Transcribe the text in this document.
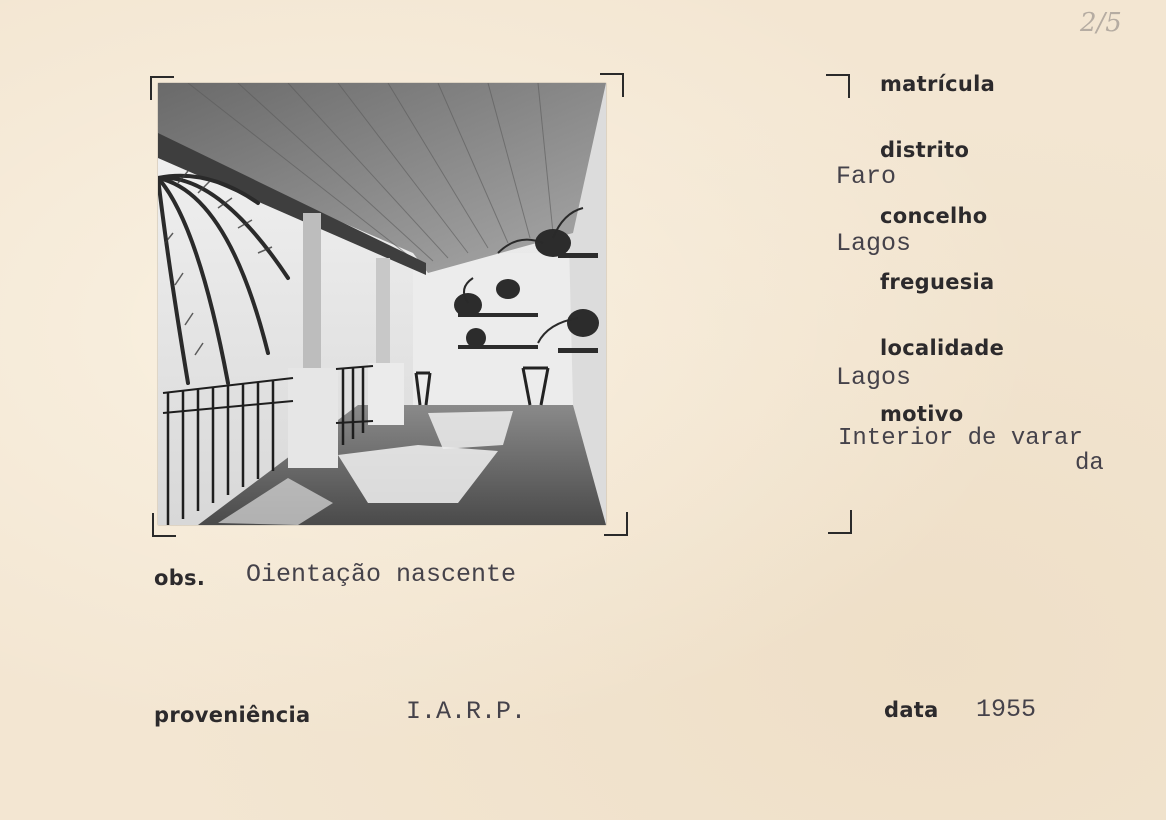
2/5
matrícula
distrito
Faro
concelho
Lagos
freguesia
localidade
Lagos
motivo
Interior de varar
da
obs. Oientação nascente
proveniência	I.A.R.P.	data 1955
